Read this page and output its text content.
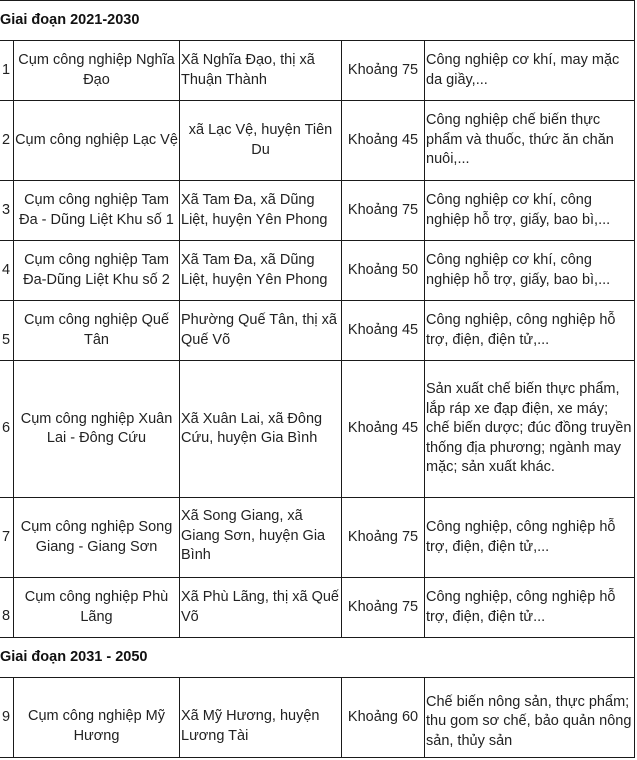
Giai đoạn 2021-2030				
1	Cụm công nghiệp Nghĩa Đạo	Xã Nghĩa Đạo, thị xã Thuận Thành	Khoảng 75	Công nghiệp cơ khí, may mặc da giầy,...
2	Cụm công nghiệp Lạc Vệ	xã Lạc Vệ, huyện Tiên Du	Khoảng 45	Công nghiệp chế biến thực phẩm và thuốc, thức ăn chăn nuôi,...
3	Cụm công nghiệp Tam Đa - Dũng Liệt Khu số 1	Xã Tam Đa, xã Dũng Liệt, huyện Yên Phong	Khoảng 75	Công nghiệp cơ khí, công nghiệp hỗ trợ, giấy, bao bì,...
4	Cụm công nghiệp Tam Đa-Dũng Liệt Khu số 2	Xã Tam Đa, xã Dũng Liệt, huyện Yên Phong	Khoảng 50	Công nghiệp cơ khí, công nghiệp hỗ trợ, giấy, bao bì,...
5	Cụm công nghiệp Quế Tân	Phường Quế Tân, thị xã Quế Võ	Khoảng 45	Công nghiệp, công nghiệp hỗ trợ, điện, điện tử,...
6	Cụm công nghiệp Xuân Lai - Đông Cứu	Xã Xuân Lai, xã Đông Cứu, huyện Gia Bình	Khoảng 45	Sản xuất chế biến thực phẩm, lắp ráp xe đạp điện, xe máy; chế biến dược; đúc đồng truyền thống địa phương; ngành may mặc; sản xuất khác.
7	Cụm công nghiệp Song Giang - Giang Sơn	Xã Song Giang, xã Giang Sơn, huyện Gia Bình	Khoảng 75	Công nghiệp, công nghiệp hỗ trợ, điện, điện tử,...
8	Cụm công nghiệp Phù Lãng	Xã Phù Lãng, thị xã Quế Võ	Khoảng 75	Công nghiệp, công nghiệp hỗ trợ, điện, điện tử...
Giai đoạn 2031 - 2050				
9	Cụm công nghiệp Mỹ Hương	Xã Mỹ Hương, huyện Lương Tài	Khoảng 60	Chế biến nông sản, thực phẩm; thu gom sơ chế, bảo quản nông sản, thủy sản
